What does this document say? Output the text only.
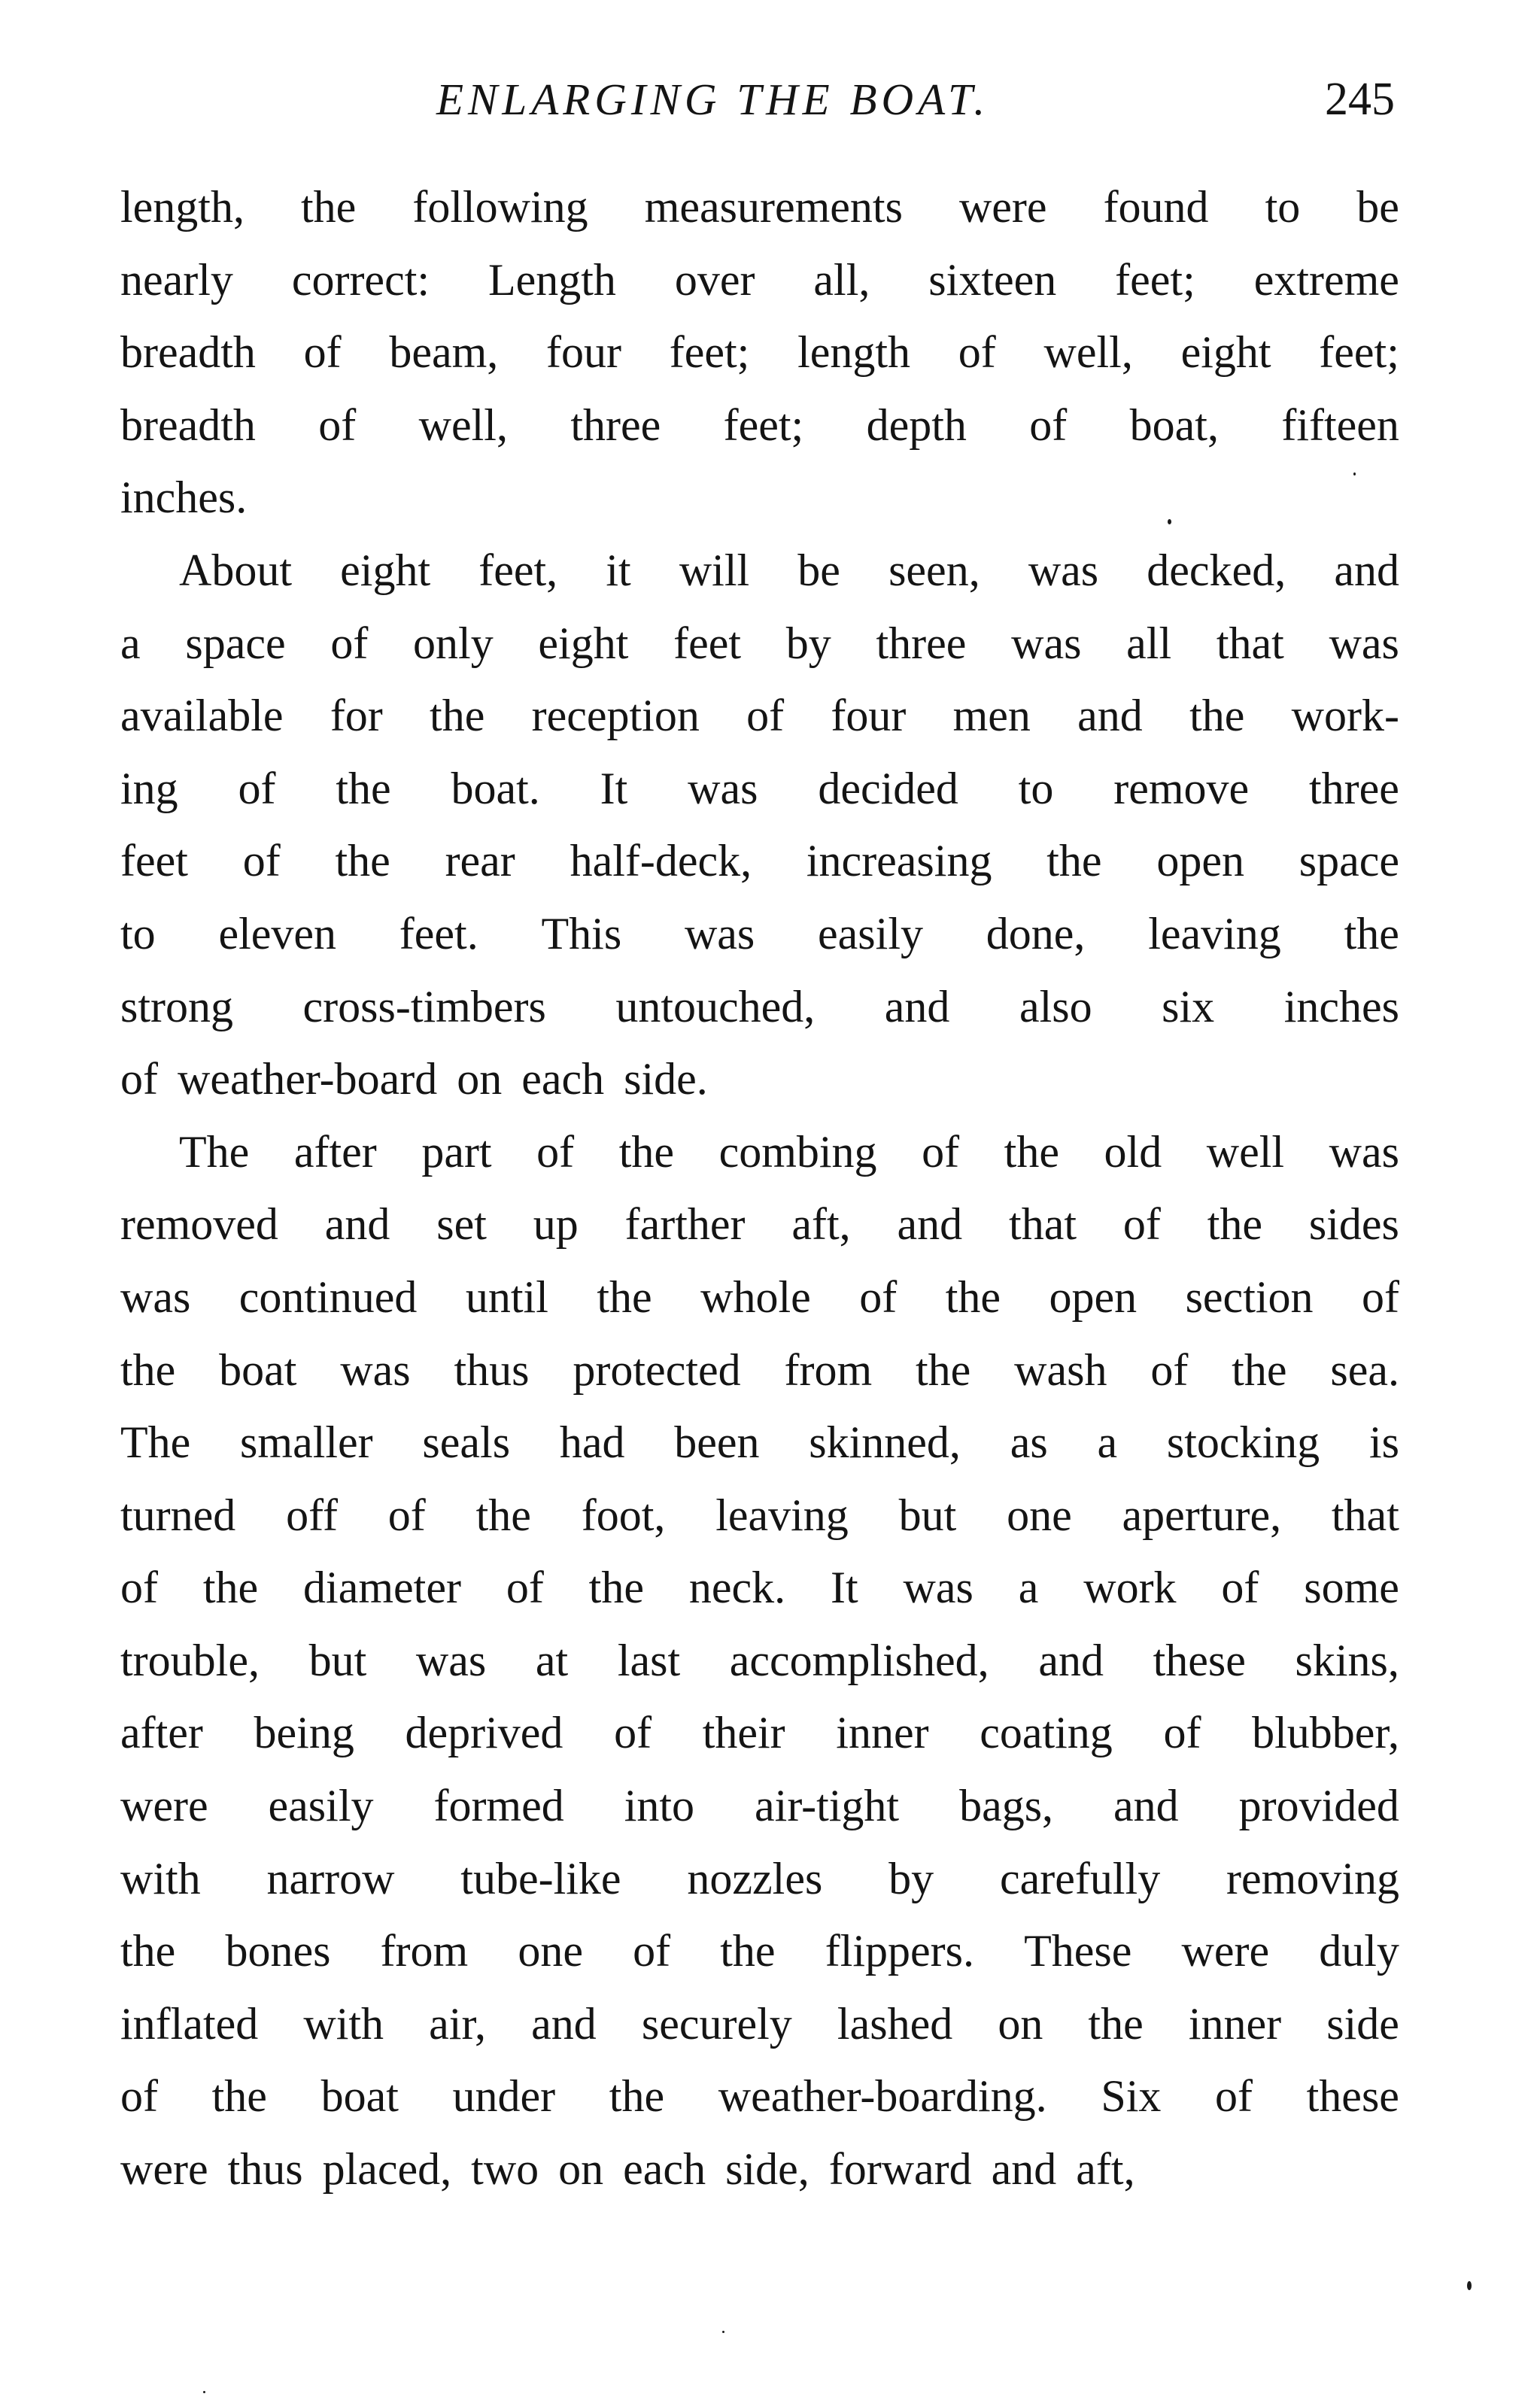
ENLARGING THE BOAT.	245
length, the following measurements were found to be
nearly correct: Length over all, sixteen feet; extreme
breadth of beam, four feet; length of well, eight feet;
breadth of well, three feet; depth of boat, fifteen
inches.
About eight feet, it will be seen, was decked, and
a space of only eight feet by three was all that was
available for the reception of four men and the work-
ing of the boat. It was decided to remove three
feet of the rear half-deck, increasing the open space
to eleven feet. This was easily done, leaving the
strong cross-timbers untouched, and also six inches
of weather-board on each side.
The after part of the combing of the old well was
removed and set up farther aft, and that of the sides
was continued until the whole of the open section of
the boat was thus protected from the wash of the sea.
The smaller seals had been skinned, as a stocking is
turned off of the foot, leaving but one aperture, that
of the diameter of the neck. It was a work of some
trouble, but was at last accomplished, and these skins,
after being deprived of their inner coating of blubber,
were easily formed into air-tight bags, and provided
with narrow tube-like nozzles by carefully removing
the bones from one of the flippers. These were duly
inflated with air, and securely lashed on the inner side
of the boat under the weather-boarding. Six of these
were thus placed, two on each side, forward and aft,
